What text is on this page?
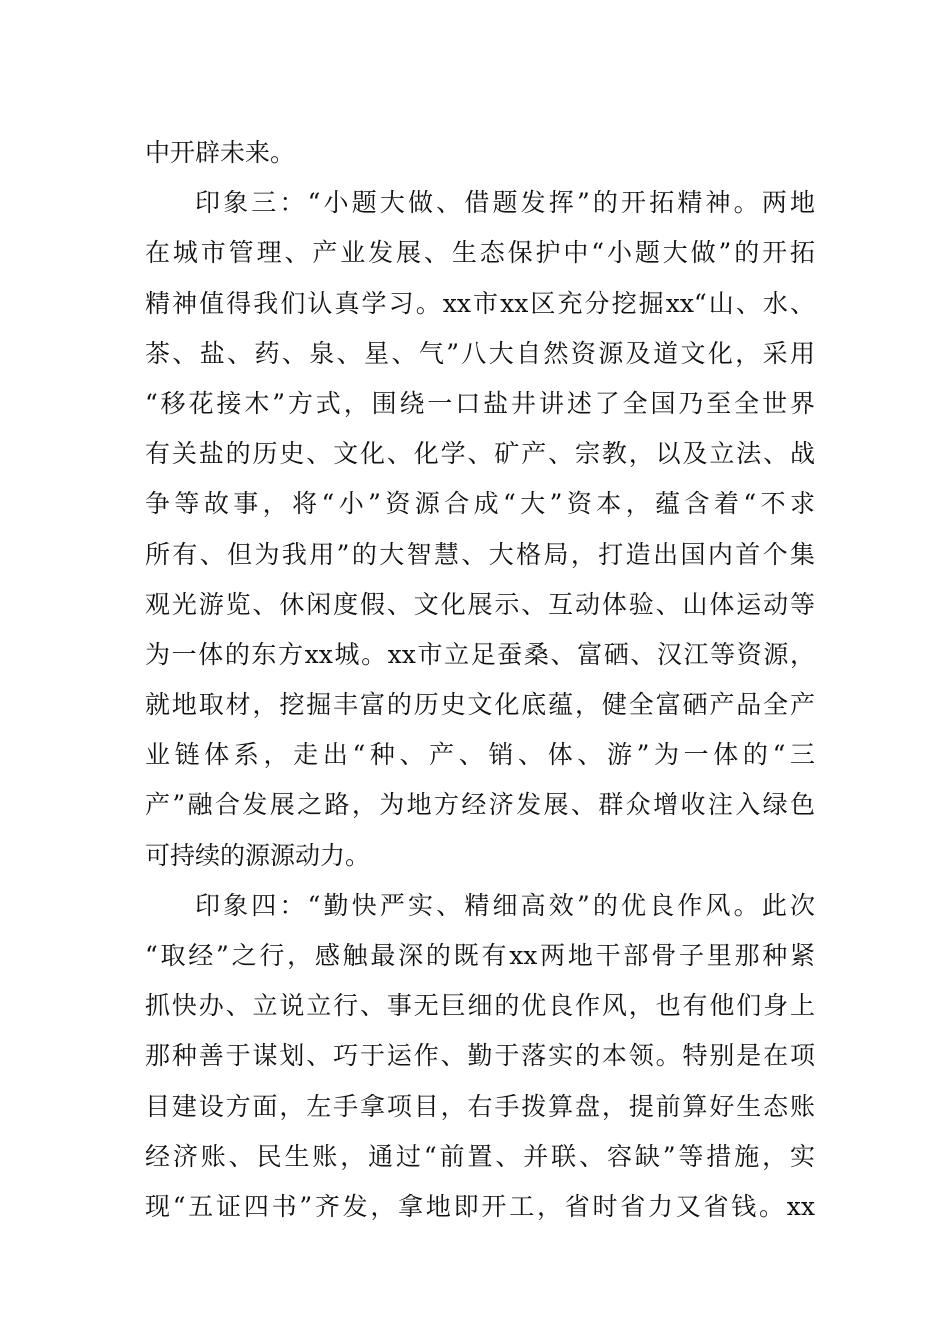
中开辟未来。
印象三：“小题大做、借题发挥”的开拓精神。两地
在城市管理、产业发展、生态保护中“小题大做”的开拓
精神值得我们认真学习。xx市xx区充分挖掘xx“山、水、
茶、盐、药、泉、星、气”八大自然资源及道文化，采用
“移花接木”方式，围绕一口盐井讲述了全国乃至全世界
有关盐的历史、文化、化学、矿产、宗教，以及立法、战
争等故事，将“小”资源合成“大”资本，蕴含着“不求
所有、但为我用”的大智慧、大格局，打造出国内首个集
观光游览、休闲度假、文化展示、互动体验、山体运动等
为一体的东方xx城。xx市立足蚕桑、富硒、汉江等资源，
就地取材，挖掘丰富的历史文化底蕴，健全富硒产品全产
业链体系，走出“种、产、销、体、游”为一体的“三
产”融合发展之路，为地方经济发展、群众增收注入绿色
可持续的源源动力。
印象四：“勤快严实、精细高效”的优良作风。此次
“取经”之行，感触最深的既有xx两地干部骨子里那种紧
抓快办、立说立行、事无巨细的优良作风，也有他们身上
那种善于谋划、巧于运作、勤于落实的本领。特别是在项
目建设方面，左手拿项目，右手拨算盘，提前算好生态账
经济账、民生账，通过“前置、并联、容缺”等措施，实
现“五证四书”齐发，拿地即开工，省时省力又省钱。xx
